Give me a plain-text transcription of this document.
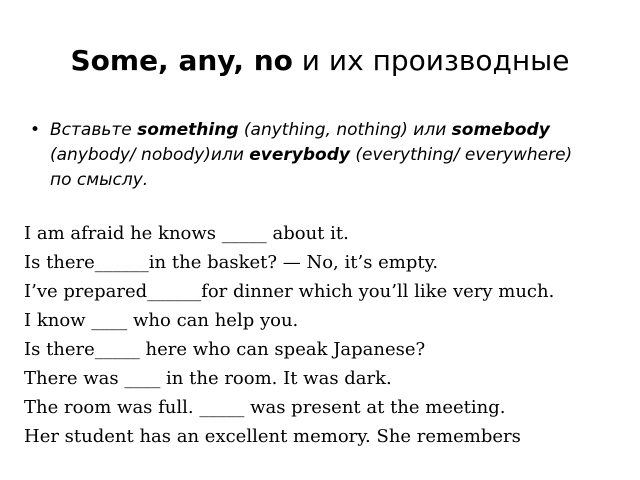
Some, any, no и их производные
• Вставьте something (anything, nothing) или somebody (anybody/ nobody)или everybody (everything/ everywhere) по смыслу.
I am afraid he knows _____ about it.
Is there______in the basket? — No, it’s empty.
I’ve prepared______for dinner which you’ll like very much.
I know ____ who can help you.
Is there_____ here who can speak Japanese?
There was ____ in the room. It was dark.
The room was full. _____ was present at the meeting.
Her student has an excellent memory. She remembers
